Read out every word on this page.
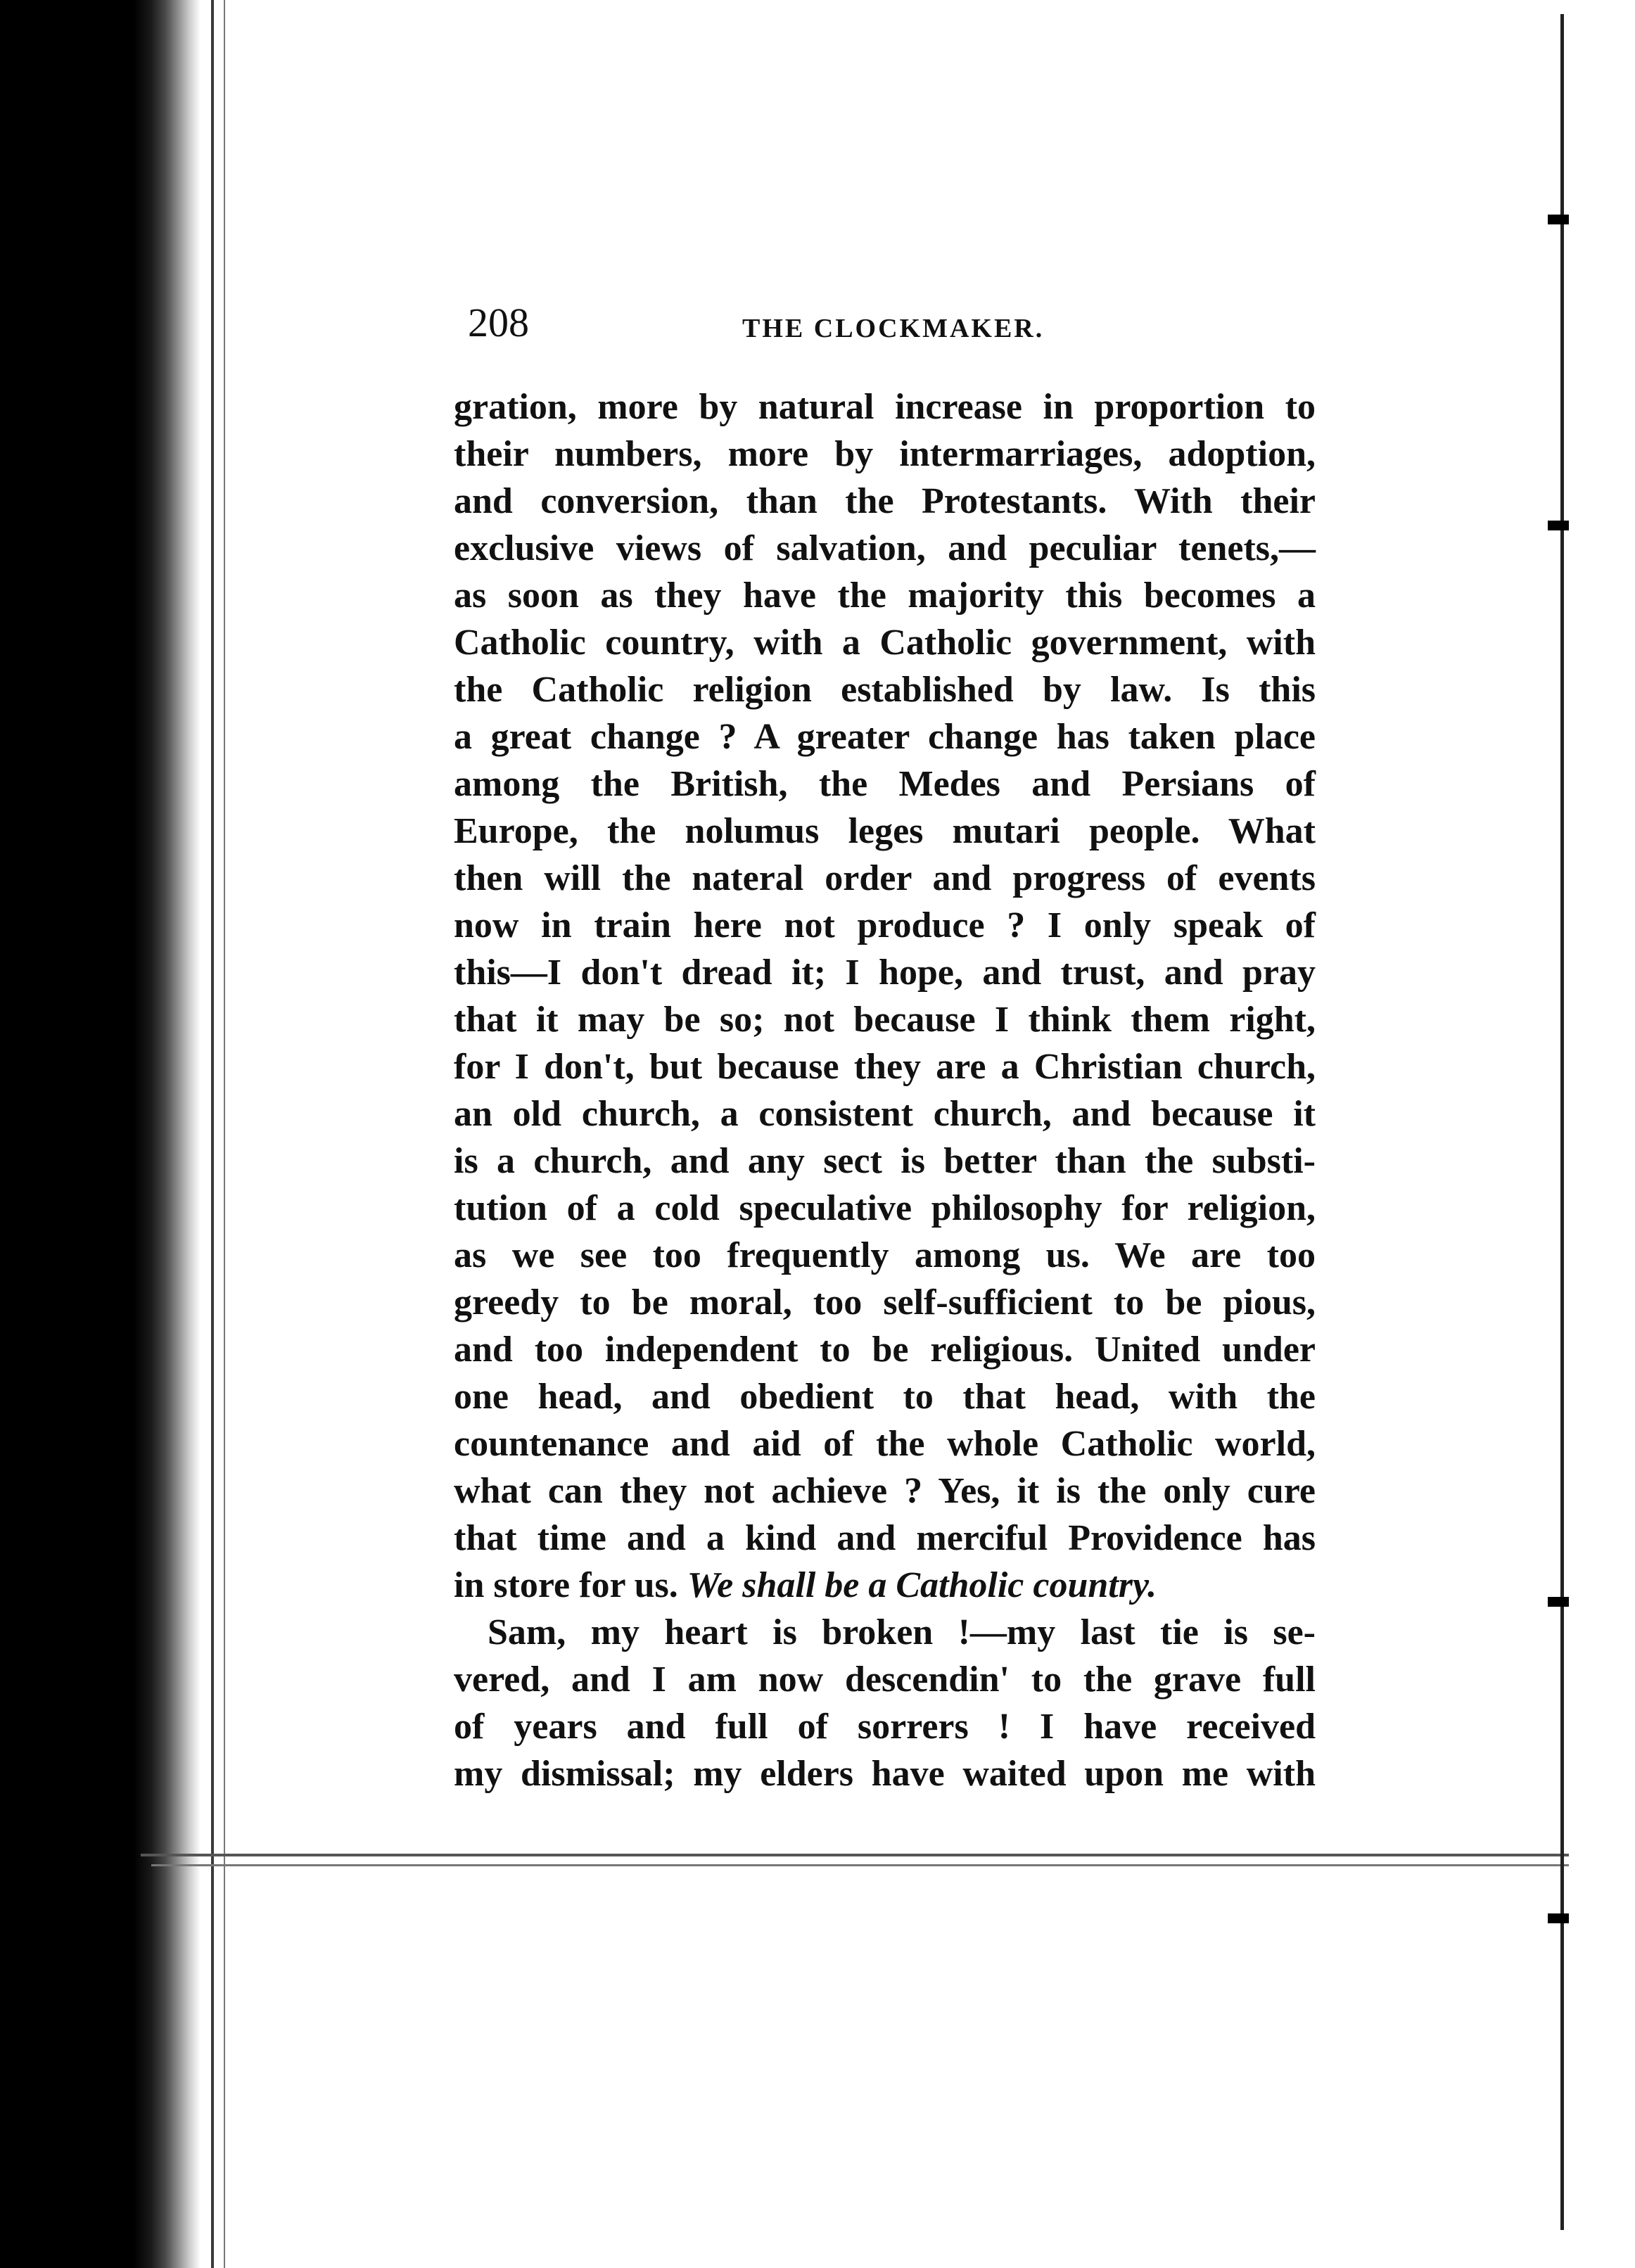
208	THE CLOCKMAKER.
gration, more by natural increase in proportion to
their numbers, more by intermarriages, adoption,
and conversion, than the Protestants. With their
exclusive views of salvation, and peculiar tenets,—
as soon as they have the majority this becomes a
Catholic country, with a Catholic government, with
the Catholic religion established by law. Is this
a great change ? A greater change has taken place
among the British, the Medes and Persians of
Europe, the nolumus leges mutari people. What
then will the nateral order and progress of events
now in train here not produce ? I only speak of
this—I don't dread it; I hope, and trust, and pray
that it may be so; not because I think them right,
for I don't, but because they are a Christian church,
an old church, a consistent church, and because it
is a church, and any sect is better than the substi-
tution of a cold speculative philosophy for religion,
as we see too frequently among us. We are too
greedy to be moral, too self-sufficient to be pious,
and too independent to be religious. United under
one head, and obedient to that head, with the
countenance and aid of the whole Catholic world,
what can they not achieve ? Yes, it is the only cure
that time and a kind and merciful Providence has
in store for us. We shall be a Catholic country.
Sam, my heart is broken !—my last tie is se-
vered, and I am now descendin' to the grave full
of years and full of sorrers ! I have received
my dismissal; my elders have waited upon me with
